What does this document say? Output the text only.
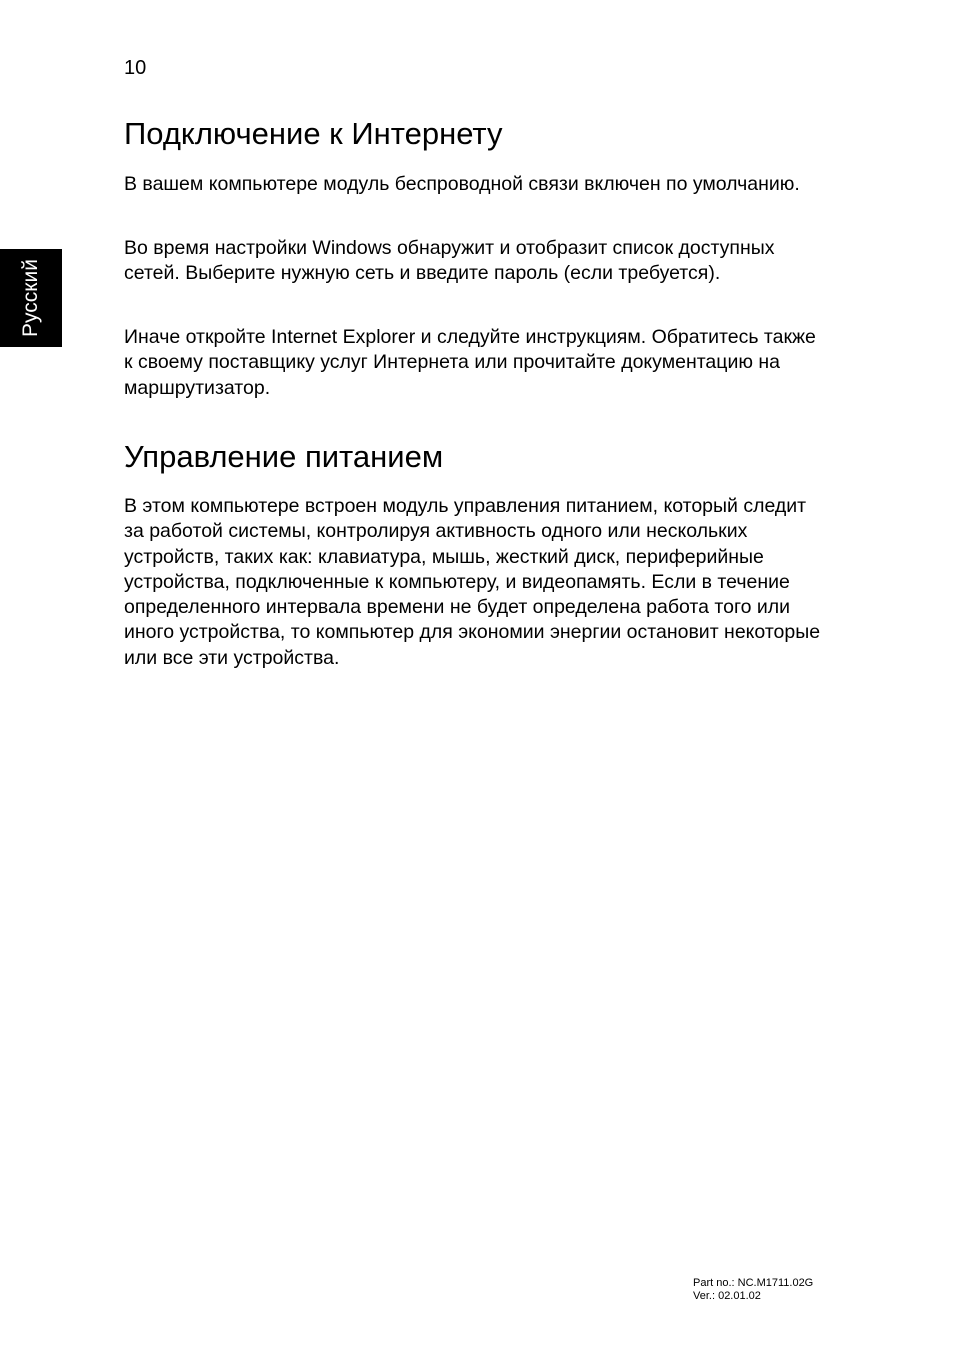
10
Русский
Подключение к Интернету

В вашем компьютере модуль беспроводной связи включен по умолчанию.

Во время настройки Windows обнаружит и отобразит список доступных сетей. Выберите нужную сеть и введите пароль (если требуется).

Иначе откройте Internet Explorer и следуйте инструкциям. Обратитесь также к своему поставщику услуг Интернета или прочитайте документацию на маршрутизатор.

Управление питанием

В этом компьютере встроен модуль управления питанием, который следит за работой системы, контролируя активность одного или нескольких устройств, таких как: клавиатура, мышь, жесткий диск, периферийные устройства, подключенные к компьютеру, и видеопамять. Если в течение определенного интервала времени не будет определена работа того или иного устройства, то компьютер для экономии энергии остановит некоторые или все эти устройства.

Part no.: NC.M1711.02G
Ver.: 02.01.02
